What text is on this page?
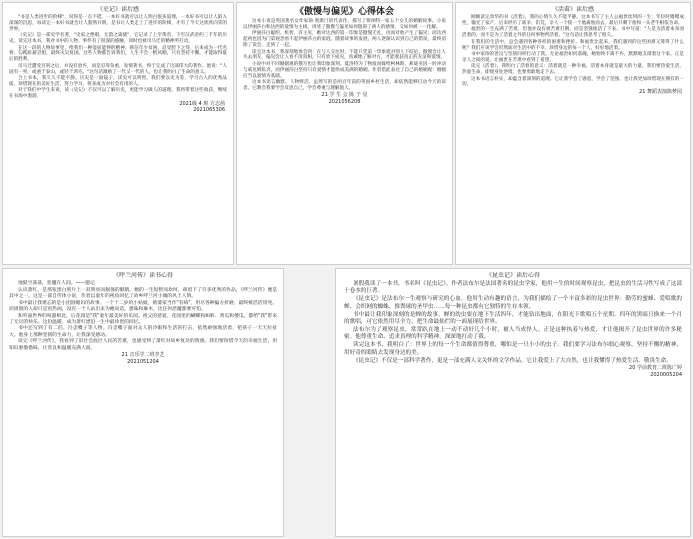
《史记》读后感

"书是人类进步的阶梯"，说得是一点不错。一本好书就可以让人明白很多道理。一本好书可以让人陷入深深的沉思，每读完一本好书就会让人豁然开朗，是书让人类走上了进步的阶梯，才有了今天这欣欣向荣的世界。

《史记》是一部史学名著，"史家之绝唱，无韵之离骚"，它记录了上至黄帝、下至汉武帝约三千年的历史。读完这本书，我对书中的人物、事件有了很深的感触，同时也被司马迁的精神所打动。

在这一段的人物故事里，给我们一种能屈能伸的精神。韩信年少贫困，忍受胯下之辱，后来成为一代名将；勾践卧薪尝胆，最终灭吴复国。这些人物都告诉我们，人生不会一帆风顺，只有坚持不懈，才能取得最后的胜利。

司马迁遭受宫刑之后，并没有放弃，而是忍辱负重，发愤著书，终于完成了这部伟大的著作。他说："人固有一死，或重于泰山，或轻于鸿毛。"这句话激励了一代又一代的人，也让我明白了生命的意义。

合上书本，我久久不能平静。历史是一面镜子，读史可以明智。我们要以史为鉴，学习古人的优秀品质，珍惜现在的美好生活，努力学习，将来成为对社会有用的人。

对于我们中学生来说，读《史记》不仅可以了解历史，更能学习做人的道理。我将带着这些收获，继续在书海中遨游。

2021级 4 班 方志茜
2021065306
《傲慢与偏见》心得体会

这本小说是英国著名女作家简·奥斯汀的代表作，描写了班纳特一家五个女儿的婚姻故事。小说以伊丽莎白和达西的爱情为主线，讲述了傲慢与偏见如何阻碍了两人的感情，又如何被一一化解。

伊丽莎白聪明、机智、有主见，她对达西的第一印象是傲慢无礼，因而对他产生了偏见；而达西起初也因为门第观念看不起伊丽莎白的家庭。随着故事的发展，两人逐渐认识到自己的错误，最终消除了误会，走到了一起。

读完这本书，我深刻地体会到：在与人交往时，不能只凭第一印象就对别人下结论。傲慢会让人失去朋友，偏见会让人看不清真相。只有放下成见，真诚地了解对方，才能收获真正的友谊和爱情。

小说中对不同婚姻观的描写也让我印象深刻。夏洛特为了物质而嫁给柯林斯，莉迪亚因一时冲动与威克姆私奔，而伊丽莎白坚持只有爱情才能组成美满的婚姻。作者借此表达了自己的婚姻观：婚姻应当以爱情为基础。

这本书语言幽默、人物鲜活，虽然写的是两百年前的英国乡村生活，却依然能够打动今天的读者。它教会我要学会反思自己，学会尊重与理解他人。

21 学 生 会 陈 子 星
2021056208
《活着》读后感

刚刚读完余华的书《活着》，我的心情久久不能平静。这本书写了主人公福贵坎坷的一生：年轻时嗜赌成性，输光了家产，后来经历了战争、饥荒，亲人一个接一个地离他而去，最后只剩下他和一头老牛相依为命。

福贵的一生充满了苦难，但他并没有被苦难打倒，而是坚强地活了下来。书中写道："人是为活着本身而活着的，而不是为了活着之外的任何事物所活着。"这句话让我思考了很久。

在我们的生活中，总会遇到各种各样的困难和挫折。和福贵比起来，我们遇到的这些困难又算得了什么呢？我们应该学会坦然面对生活中的不幸，珍惜身边的每一个人，好好地活着。

书中家珍的善良与坚韧同样打动了我。无论福贵如何落魄，她始终不离不弃，默默地支撑着这个家。正是亲人之间的爱，让福贵在苦难中看到了希望。

读完《活着》，我明白了活着的意义：活着就是一种幸福，活着本身就是最大的力量。我们要热爱生活，热爱生命，即使身处逆境，也要勇敢地走下去。

这本书语言朴实，却蕴含着深刻的道理。它让我学会了感恩，学会了坚强，也让我更加珍惜现在拥有的一切。

21 舞蹈表演陈梦园
《呼兰河传》读书心得

地狱空荡荡，恶魔在人间。——题记

认识萧红，是那张黑白照片上一双明亮而倔强的眼睛。她的一生短暂而坎坷，却留下了许多优秀的作品，《呼兰河传》便是其中之一。这是一部自传体小说，作者以童年的视角回忆了故乡呼兰河小城的风土人情。

书中最让我难忘的是小团圆媳妇的故事。一个十二岁的小姑娘，被婆家当作"有病"，用尽各种偏方折磨，最终被活活烫死。而周围的人却只是看热闹，没有一个人站出来为她说话。愚昧和麻木，比任何恶魔都要可怕。

和外面世界的喧嚣相比，后花园是"我"童年最美好的乐园。祖父的慈爱、花园里的蝴蝶和蚂蚱、黄瓜和倭瓜，都给"我"带来了无尽的快乐。这份温暖，成为萧红漂泊一生中最珍贵的回忆。

书中还写到了有二伯、冯歪嘴子等人物。冯歪嘴子面对众人的冷眼和生活的打击，依然顽强地活着，把孩子一天天拉扯大。他身上那种坚韧的生命力，让我深受感动。

读完《呼兰河传》，我看到了旧社会底层人民的苦难，也感受到了萧红对故乡复杂的情感。我们要珍惜今天的幸福生活，用知识驱散愚昧，让善良和温暖充满人间。

21 音乐学二班李艺
2021051204
《昆虫记》读后心得

暑假我读了一本书，书名叫《昆虫记》。作者法布尔是法国著名的昆虫学家，他用一生的时间观察昆虫，把昆虫的生活习性写成了这部十卷本的巨著。

《昆虫记》是法布尔一生观察与研究的心血。他用生动有趣的语言，为我们描绘了一个丰富多彩的昆虫世界：勤劳的蜜蜂、爱唱歌的蝉、会织网的蜘蛛、推粪球的圣甲虫……每一种昆虫都有它独特的生存本领。

书中最让我印象深刻的是蝉的故事。蝉的幼虫要在地下生活四年，才能钻出地面，在阳光下歌唱五个星期。四年的黑暗只换来一个月的歌唱，可它依然用尽全力，把生命最灿烂的一面展现给世界。

法布尔为了观察昆虫，常常趴在地上一动不动好几个小时，被人当成怪人。正是这种执着与热爱，才让他揭开了昆虫世界的许多秘密。他尊重生命、追求真理的科学精神，深深地打动了我。

读完这本书，我明白了：世界上的每一个生命都值得尊重，哪怕是一只小小的虫子。我们要学习法布尔细心观察、坚持不懈的精神，用好奇的眼睛去发现身边的美。

《昆虫记》不仅是一部科学著作，更是一部充满人文关怀的文学作品。它让我爱上了大自然，也让我懂得了热爱生活、敬畏生命。

20 学前教育二班陈广婷
2020005204
